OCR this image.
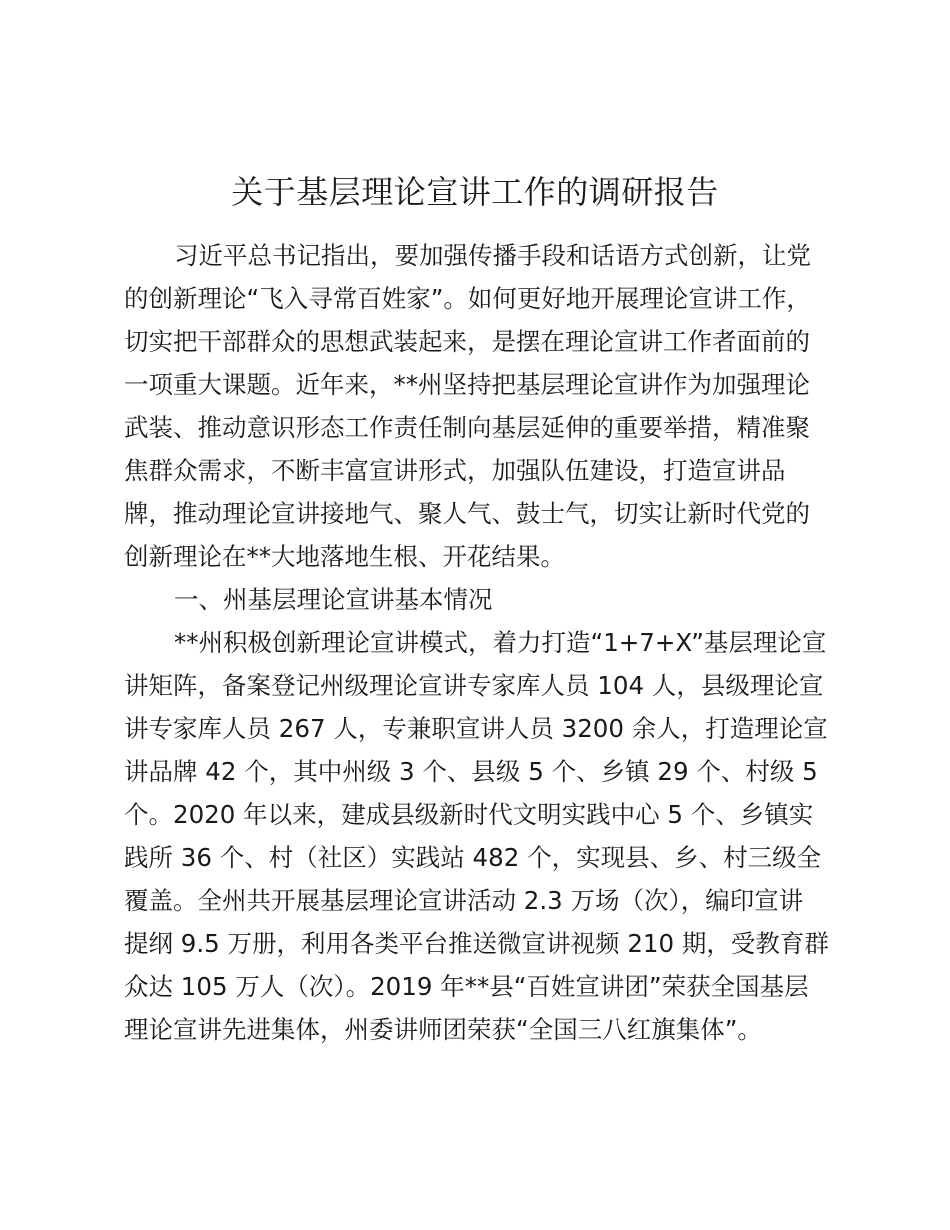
关于基层理论宣讲工作的调研报告

习近平总书记指出，要加强传播手段和话语方式创新，让党

的创新理论“飞入寻常百姓家”。如何更好地开展理论宣讲工作，

切实把干部群众的思想武装起来，是摆在理论宣讲工作者面前的

一项重大课题。近年来，**州坚持把基层理论宣讲作为加强理论

武装、推动意识形态工作责任制向基层延伸的重要举措，精准聚

焦群众需求，不断丰富宣讲形式，加强队伍建设，打造宣讲品

牌，推动理论宣讲接地气、聚人气、鼓士气，切实让新时代党的

创新理论在**大地落地生根、开花结果。

一、州基层理论宣讲基本情况

**州积极创新理论宣讲模式，着力打造“1+7+X”基层理论宣

讲矩阵，备案登记州级理论宣讲专家库人员 104 人，县级理论宣

讲专家库人员 267 人，专兼职宣讲人员 3200 余人，打造理论宣

讲品牌 42 个，其中州级 3 个、县级 5 个、乡镇 29 个、村级 5

个。2020 年以来，建成县级新时代文明实践中心 5 个、乡镇实

践所 36 个、村（社区）实践站 482 个，实现县、乡、村三级全

覆盖。全州共开展基层理论宣讲活动 2.3 万场（次），编印宣讲

提纲 9.5 万册，利用各类平台推送微宣讲视频 210 期，受教育群

众达 105 万人（次）。2019 年**县“百姓宣讲团”荣获全国基层

理论宣讲先进集体，州委讲师团荣获“全国三八红旗集体”。
